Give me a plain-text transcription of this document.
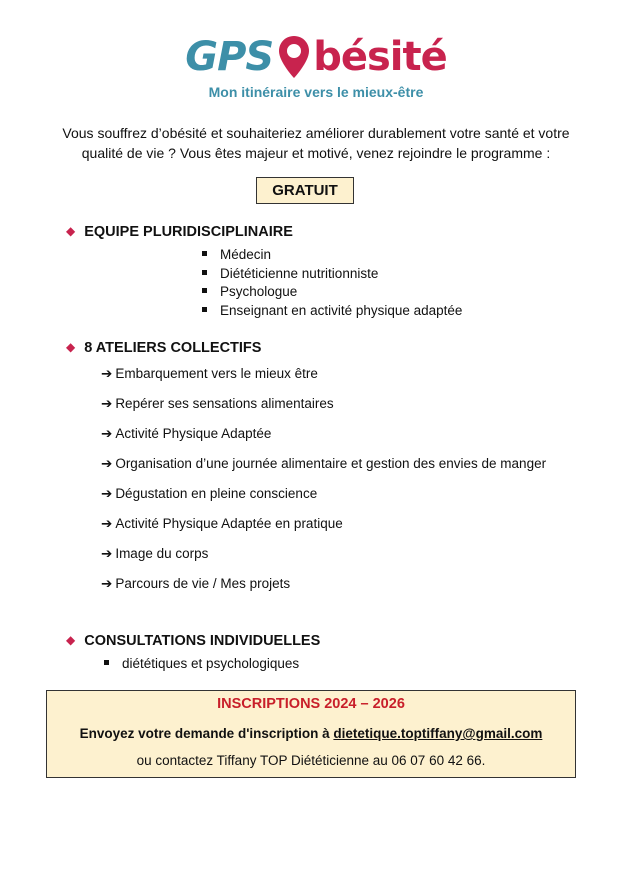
GPS bésité
Mon itinéraire vers le mieux-être
Vous souffrez d’obésité et souhaiteriez améliorer durablement votre santé et votre
qualité de vie ? Vous êtes majeur et motivé, venez rejoindre le programme :
GRATUIT
◆ EQUIPE PLURIDISCIPLINAIRE
Médecin
Diététicienne nutritionniste
Psychologue
Enseignant en activité physique adaptée
◆ 8 ATELIERS COLLECTIFS
➔ Embarquement vers le mieux être
➔ Repérer ses sensations alimentaires
➔ Activité Physique Adaptée
➔ Organisation d’une journée alimentaire et gestion des envies de manger
➔ Dégustation en pleine conscience
➔ Activité Physique Adaptée en pratique
➔ Image du corps
➔ Parcours de vie / Mes projets
◆ CONSULTATIONS INDIVIDUELLES
diététiques et psychologiques
INSCRIPTIONS 2024 – 2026
Envoyez votre demande d'inscription à dietetique.toptiffany@gmail.com
ou contactez Tiffany TOP Diététicienne au 06 07 60 42 66.
